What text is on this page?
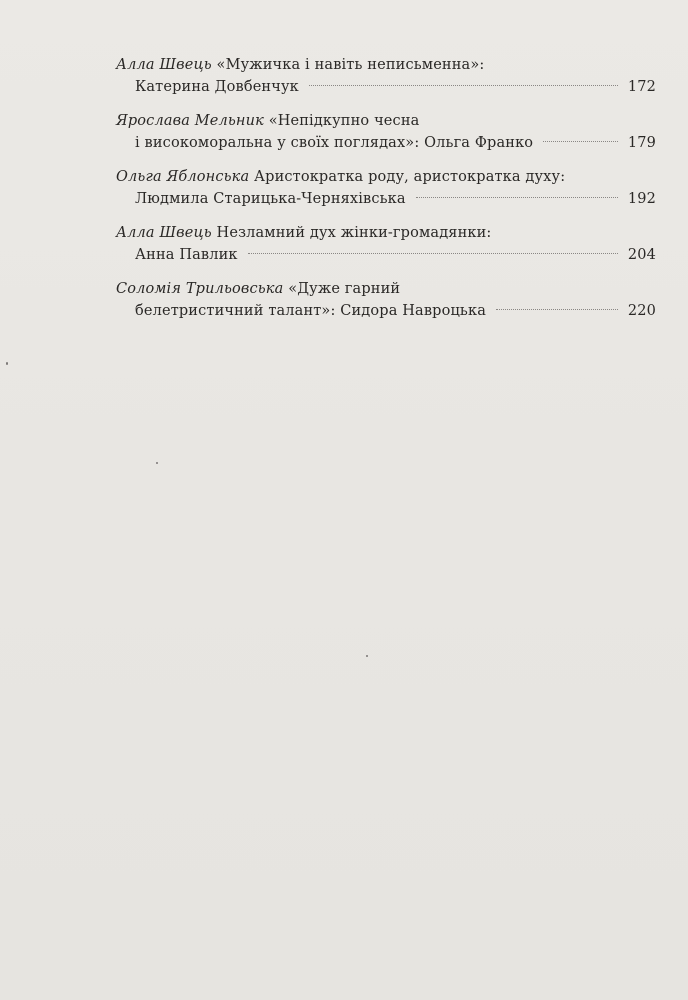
Алла Швець «Мужичка і навіть неписьменна»:
Катерина Довбенчук	172
Ярослава Мельник «Непідкупно чесна
і високоморальна у своїх поглядах»: Ольга Франко	179
Ольга Яблонська Аристократка роду, аристократка духу:
Людмила Старицька-Черняхівська	192
Алла Швець Незламний дух жінки-громадянки:
Анна Павлик	204
Соломія Трильовська «Дуже гарний
белетристичний талант»: Сидора Навроцька	220
